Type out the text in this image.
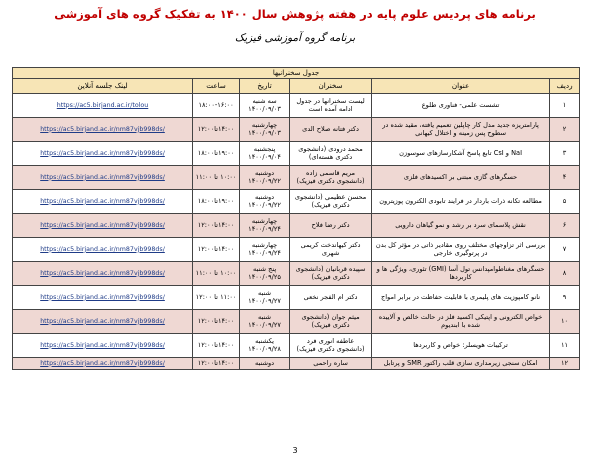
برنامه های پردیس علوم پایه در هفته پژوهش سال ۱۴۰۰ به تفکیک گروه های آموزشی
برنامه گروه آموزشی فیزیک
جدول سخنرانیها					
ردیف	عنوان	سخنران	تاریخ	ساعت	لینک جلسه آنلاین
۱	تشست علمی- فناوری طلوع	لیست سخنرانها در جدول ادامه آمده است	سه شنبه ۱۴۰۰/۰۹/۰۳	۱۸:۰۰-۱۶:۰۰	https://ac5.birjand.ac.ir/tolou
۲	پارامتریزه جدید مدل کار چاپلین تعمیم یافته، مقید شده در سطوح پس زمینه و اختلال کیهانی	دکتر فتانه صلاح الدی	چهارشنبه ۱۴۰۰/۰۹/۰۳	۱۴:۰۰تا۱۲:۰۰	https://ac5.birjand.ac.ir/nm87vjb998ds/
۳	NaI و CsI تابع پاسخ آشکارسازهای سوسوزن	محمد درودی (دانشجوی دکتری هسته‌ای)	پنجشنبه ۱۴۰۰/۰۹/۰۴	۱۹:۰۰تا۱۸:۰۰	https://ac5.birjand.ac.ir/nm87vjb998ds/
۴	حسگرهای گازی مبتنی بر اکسیدهای فلزی	مریم قاسمی زاده (دانشجوی دکتری فیزیک)	دوشنبه ۱۴۰۰/۰۹/۲۲	۱۰:۰۰ تا ۱۱:۰۰	https://ac5.birjand.ac.ir/nm87vjb998ds/
۵	مطالعه تکانه ذرات باردار در فرایند تابودی الکترون پوزیترون	محسن عظیمی (دانشجوی دکتری فیزیک)	دوشنبه ۱۴۰۰/۰۹/۲۲	۱۹:۰۰تا۱۸:۰۰	https://ac5.birjand.ac.ir/nm87vjb998ds/
۶	نقش پلاسمای سرد بر رشد و نمو گیاهان دارویی	دکتر رضا فلاح	چهارشنبه ۱۴۰۰/۰۹/۲۴	۱۴:۰۰تا۱۲:۰۰	https://ac5.birjand.ac.ir/nm87vjb998ds/
۷	بررسی اثر تزاوجهای مختلف روی مقادیر ذاتی در مؤثر کل بدن در پرتوگیری خارجی	دکتر کیهاندخت کریمی شهری	چهارشنبه ۱۴۰۰/۰۹/۲۴	۱۴:۰۰تا۱۲:۰۰	https://ac5.birjand.ac.ir/nm87vjb998ds/
۸	حسگرهای مغناطوامپدانس تول آسا (GMI) تئوری، ویژگی ها و کاربردها	سپیده قربانیان (دانشجوی دکتری فیزیک)	پنج شنبه ۱۴۰۰/۰۹/۲۵	۱۰:۰۰ تا ۱۱:۰۰	https://ac5.birjand.ac.ir/nm87vjb998ds/
۹	نانو کامپوزیت های پلیمری با قابلیت حفاظت در برابر امواج	دکتر ام الفجر نخعی	شنبه ۱۴۰۰/۰۹/۲۷	۱۱:۰۰ تا ۱۲:۰۰	https://ac5.birjand.ac.ir/nm87vjb998ds/
۱۰	خواص الکترونی و اپتیکی اکسید فلز در حالت خالص و آلاییده شده با ابندیوم	میثم جوان (دانشجوی دکتری فیزیک)	شنبه ۱۴۰۰/۰۹/۲۷	۱۴:۰۰تا۱۲:۰۰	https://ac5.birjand.ac.ir/nm87vjb998ds/
۱۱	ترکیبات هویسلر: خواص و کاربردها	عاطفه انوری فرد (دانشجوی دکتری فیزیک)	یکشنبه ۱۴۰۰/۰۹/۲۸	۱۴:۰۰تا۱۲:۰۰	https://ac5.birjand.ac.ir/nm87vjb998ds/
۱۲	امکان سنجی زیرمداری سازی قلب راکتور SMR و پرتابل	ساره راحمی	دوشنبه	۱۴:۰۰تا۱۲:۰۰	https://ac5.birjand.ac.ir/nm87vjb998ds/
3
